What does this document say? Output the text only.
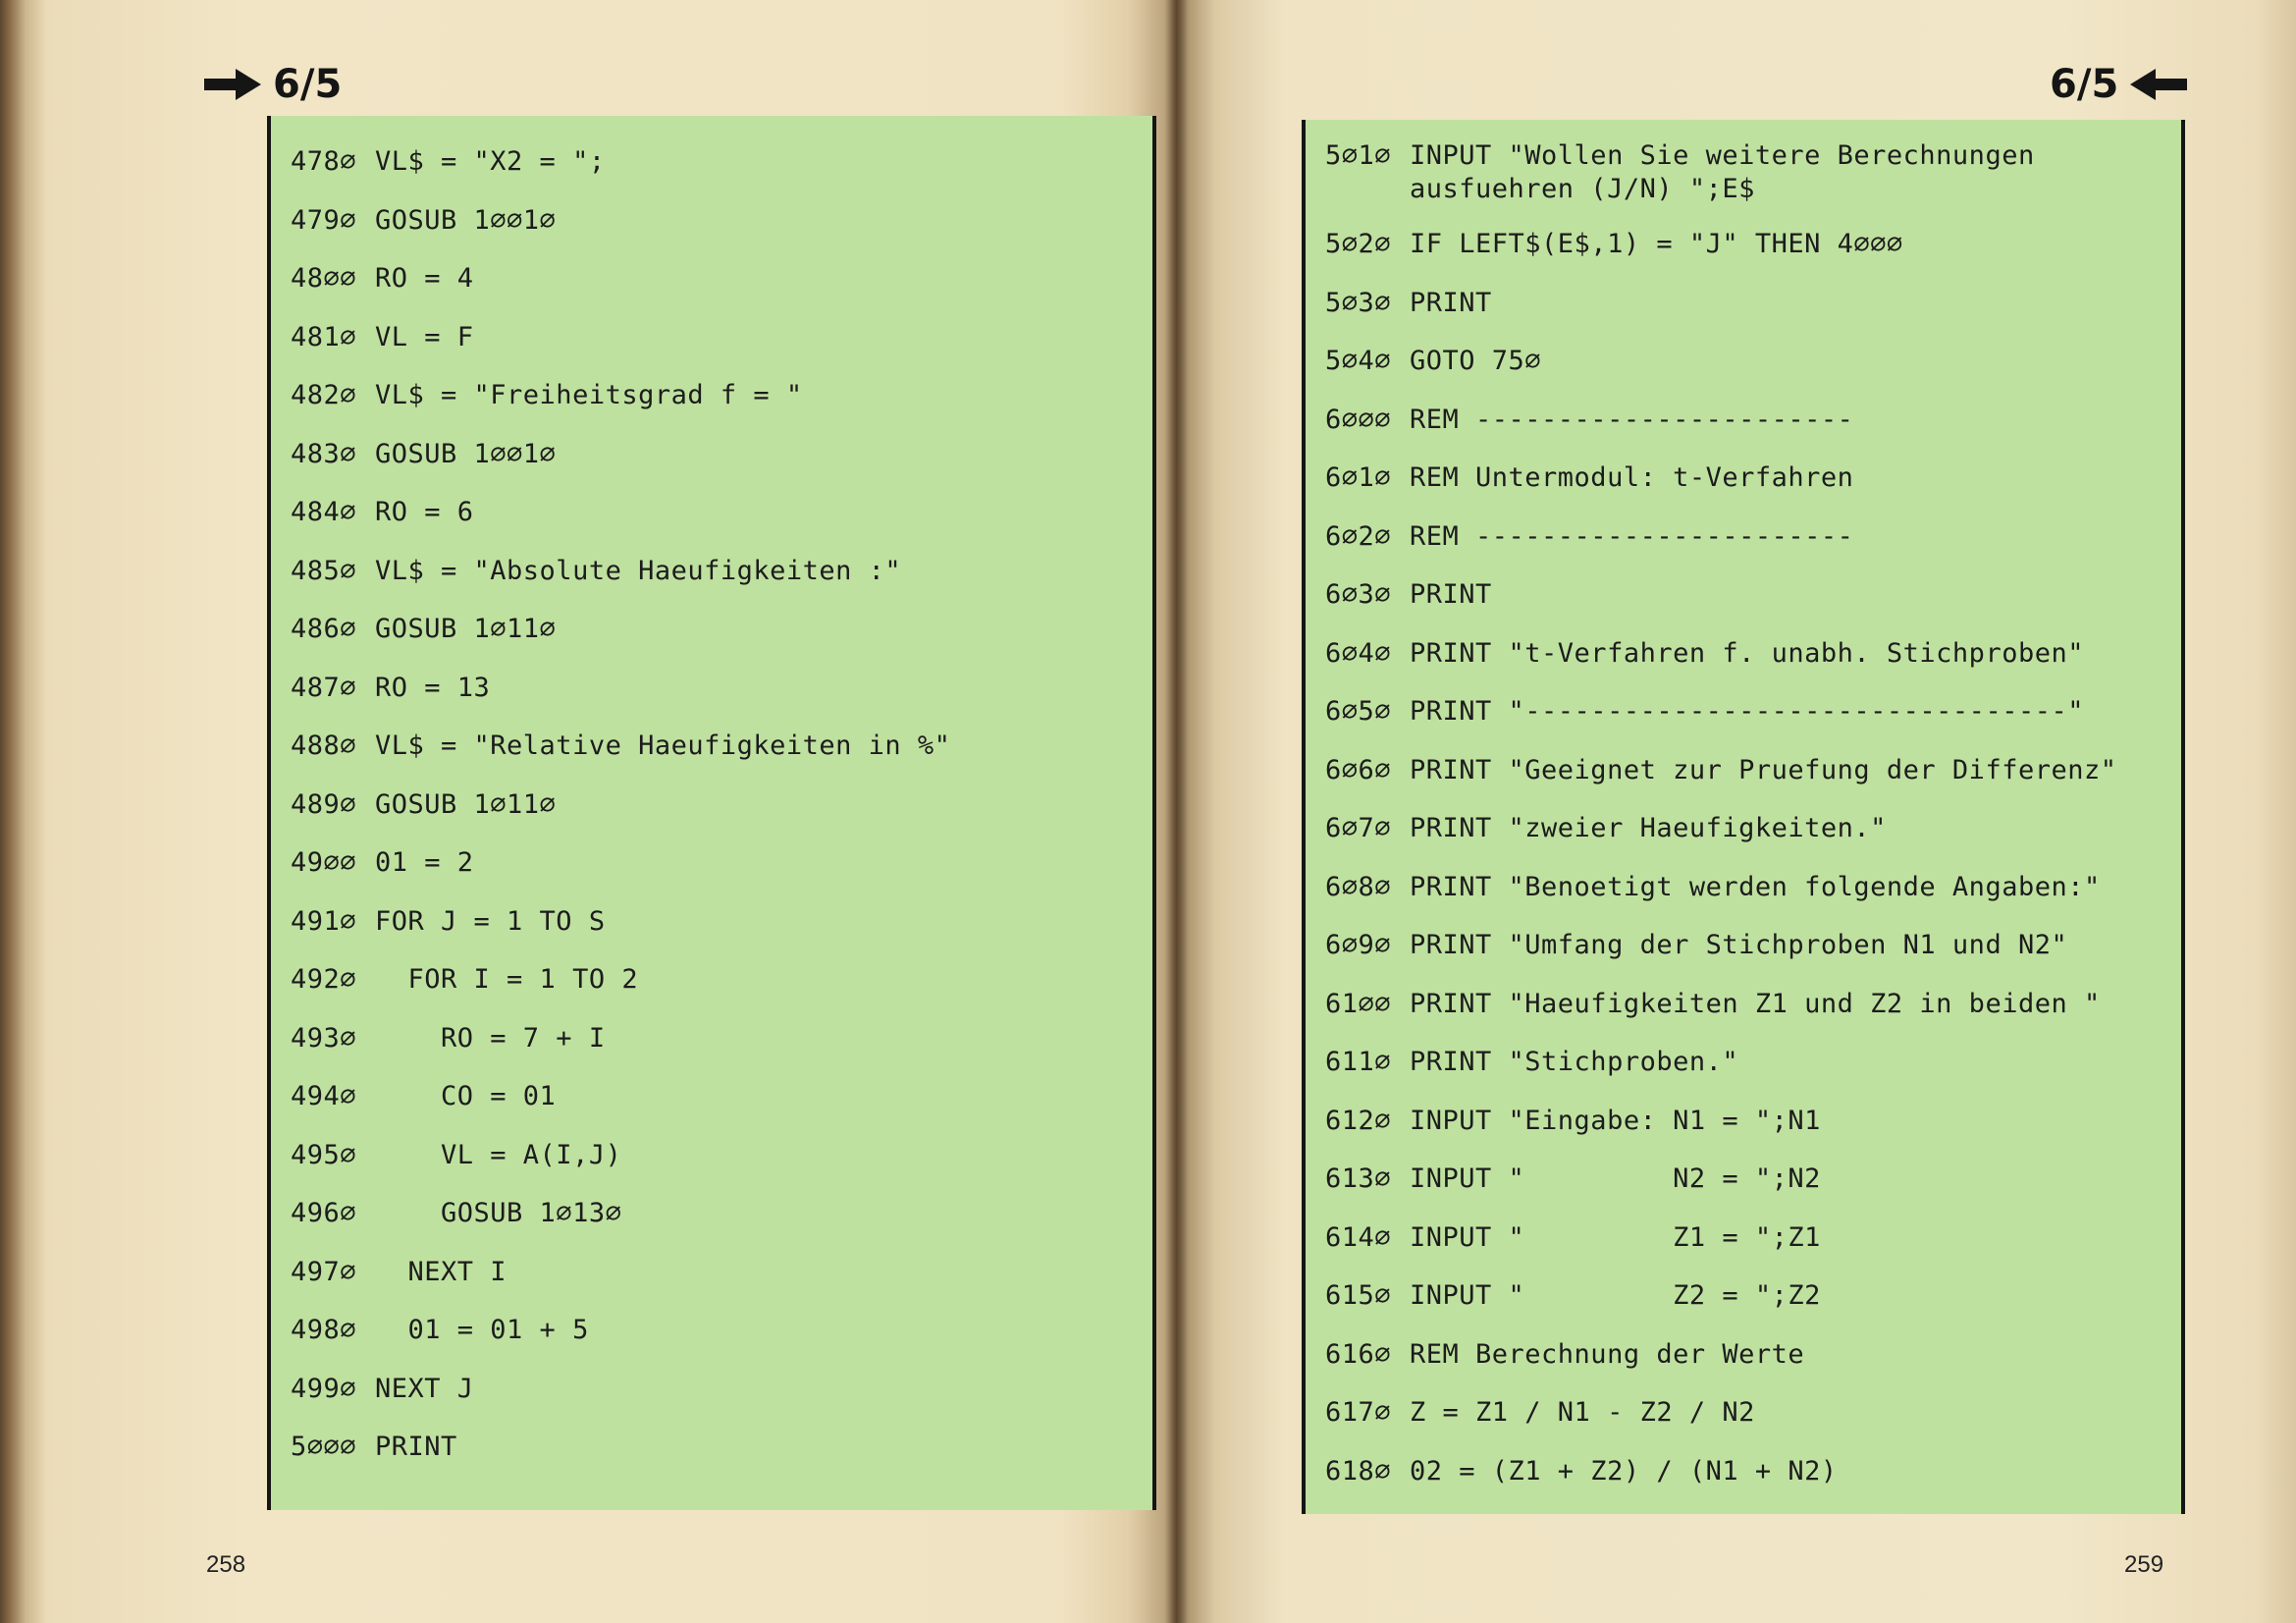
6/5	6/5
478∅ VL$ = "X2 = ";
479∅ GOSUB 1∅∅1∅
48∅∅ RO = 4
481∅ VL = F
482∅ VL$ = "Freiheitsgrad f = "
483∅ GOSUB 1∅∅1∅
484∅ RO = 6
485∅ VL$ = "Absolute Haeufigkeiten :"
486∅ GOSUB 1∅11∅
487∅ RO = 13
488∅ VL$ = "Relative Haeufigkeiten in %"
489∅ GOSUB 1∅11∅
49∅∅ 01 = 2
491∅ FOR J = 1 TO S
492∅ FOR I = 1 TO 2
493∅ RO = 7 + I
494∅ CO = 01
495∅ VL = A(I,J)
496∅ GOSUB 1∅13∅
497∅ NEXT I
498∅ 01 = 01 + 5
499∅ NEXT J
5∅∅∅ PRINT
5∅1∅ INPUT "Wollen Sie weitere Berechnungen
ausfuehren (J/N) ";E$
5∅2∅ IF LEFT$(E$,1) = "J" THEN 4∅∅∅
5∅3∅ PRINT
5∅4∅ GOTO 75∅
6∅∅∅ REM -----------------------
6∅1∅ REM Untermodul: t-Verfahren
6∅2∅ REM -----------------------
6∅3∅ PRINT
6∅4∅ PRINT "t-Verfahren f. unabh. Stichproben"
6∅5∅ PRINT "---------------------------------"
6∅6∅ PRINT "Geeignet zur Pruefung der Differenz"
6∅7∅ PRINT "zweier Haeufigkeiten."
6∅8∅ PRINT "Benoetigt werden folgende Angaben:"
6∅9∅ PRINT "Umfang der Stichproben N1 und N2"
61∅∅ PRINT "Haeufigkeiten Z1 und Z2 in beiden "
611∅ PRINT "Stichproben."
612∅ INPUT "Eingabe: N1 = ";N1
613∅ INPUT "         N2 = ";N2
614∅ INPUT "         Z1 = ";Z1
615∅ INPUT "         Z2 = ";Z2
616∅ REM Berechnung der Werte
617∅ Z = Z1 / N1 - Z2 / N2
618∅ 02 = (Z1 + Z2) / (N1 + N2)
258	259
